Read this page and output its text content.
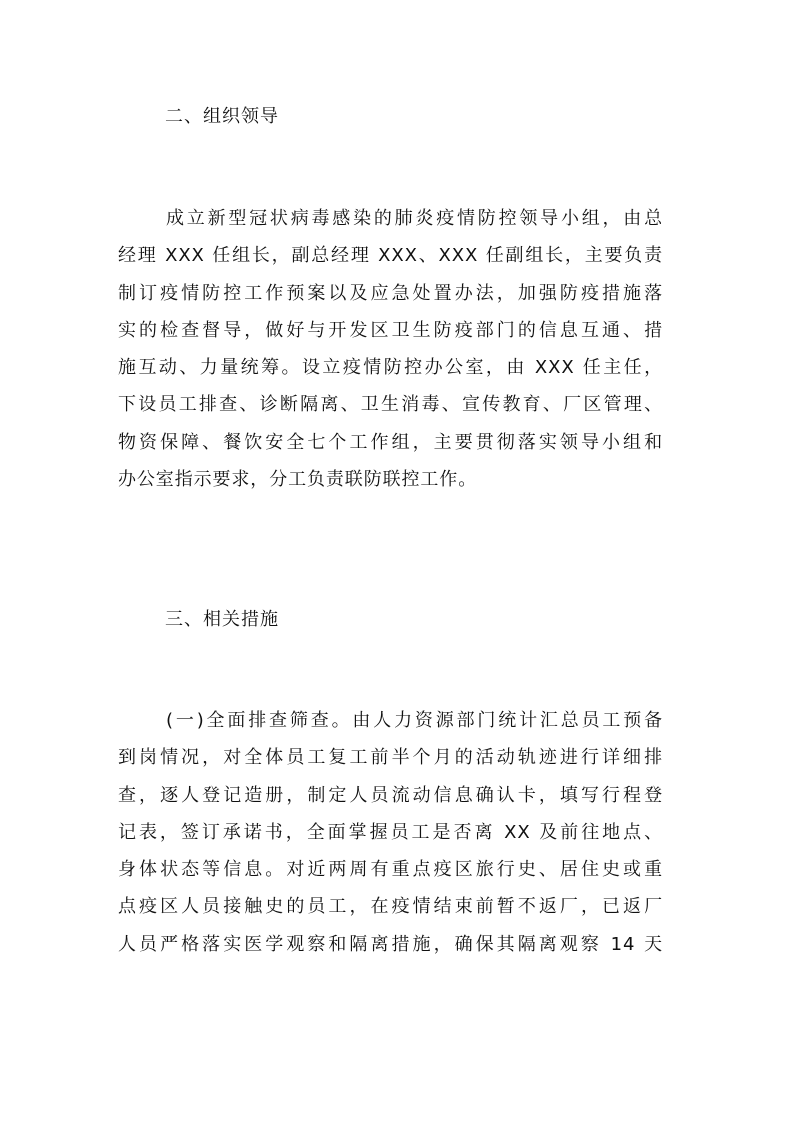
二、组织领导
成立新型冠状病毒感染的肺炎疫情防控领导小组，由总
经理 XXX 任组长，副总经理 XXX、XXX 任副组长，主要负责
制订疫情防控工作预案以及应急处置办法，加强防疫措施落
实的检查督导，做好与开发区卫生防疫部门的信息互通、措
施互动、力量统筹。设立疫情防控办公室，由 XXX 任主任，
下设员工排查、诊断隔离、卫生消毒、宣传教育、厂区管理、
物资保障、餐饮安全七个工作组，主要贯彻落实领导小组和
办公室指示要求，分工负责联防联控工作。
三、相关措施
(一)全面排查筛查。由人力资源部门统计汇总员工预备
到岗情况，对全体员工复工前半个月的活动轨迹进行详细排
查，逐人登记造册，制定人员流动信息确认卡，填写行程登
记表，签订承诺书，全面掌握员工是否离 XX 及前往地点、
身体状态等信息。对近两周有重点疫区旅行史、居住史或重
点疫区人员接触史的员工，在疫情结束前暂不返厂，已返厂
人员严格落实医学观察和隔离措施，确保其隔离观察 14 天
